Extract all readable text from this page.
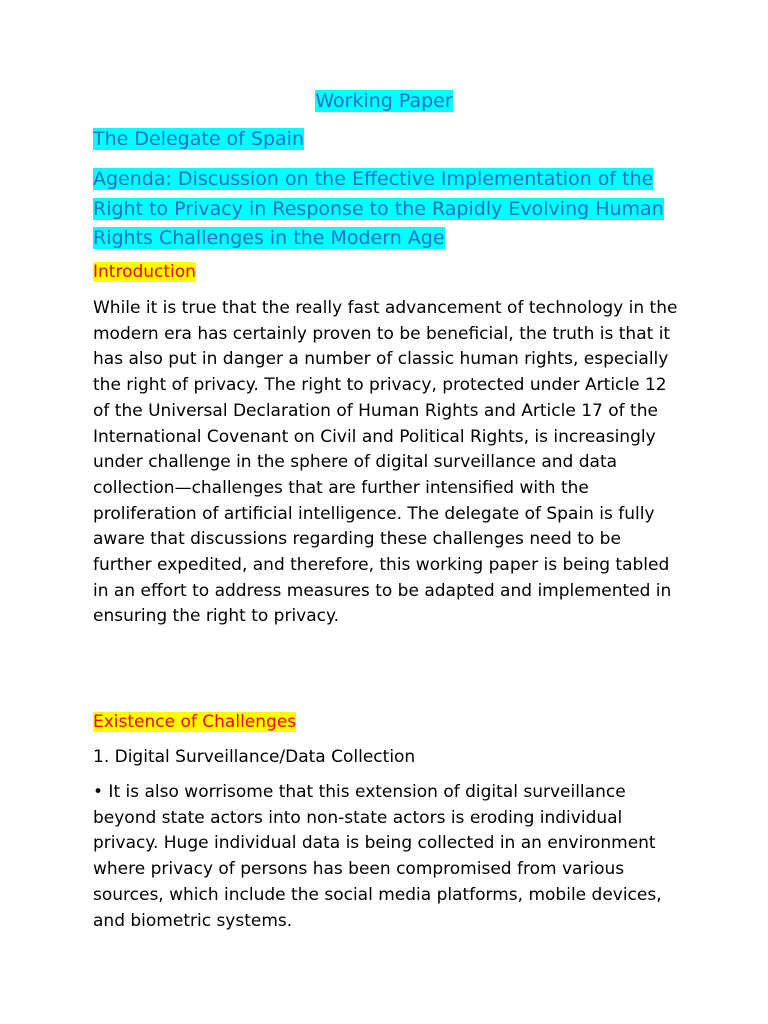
Working Paper
The Delegate of Spain
Agenda: Discussion on the Effective Implementation of the Right to Privacy in Response to the Rapidly Evolving Human Rights Challenges in the Modern Age
Introduction

While it is true that the really fast advancement of technology in the modern era has certainly proven to be beneficial, the truth is that it has also put in danger a number of classic human rights, especially the right of privacy. The right to privacy, protected under Article 12 of the Universal Declaration of Human Rights and Article 17 of the International Covenant on Civil and Political Rights, is increasingly under challenge in the sphere of digital surveillance and data collection—challenges that are further intensified with the proliferation of artificial intelligence. The delegate of Spain is fully aware that discussions regarding these challenges need to be further expedited, and therefore, this working paper is being tabled in an effort to address measures to be adapted and implemented in ensuring the right to privacy.

Existence of Challenges
1. Digital Surveillance/Data Collection

• It is also worrisome that this extension of digital surveillance beyond state actors into non-state actors is eroding individual privacy. Huge individual data is being collected in an environment where privacy of persons has been compromised from various sources, which include the social media platforms, mobile devices, and biometric systems.
